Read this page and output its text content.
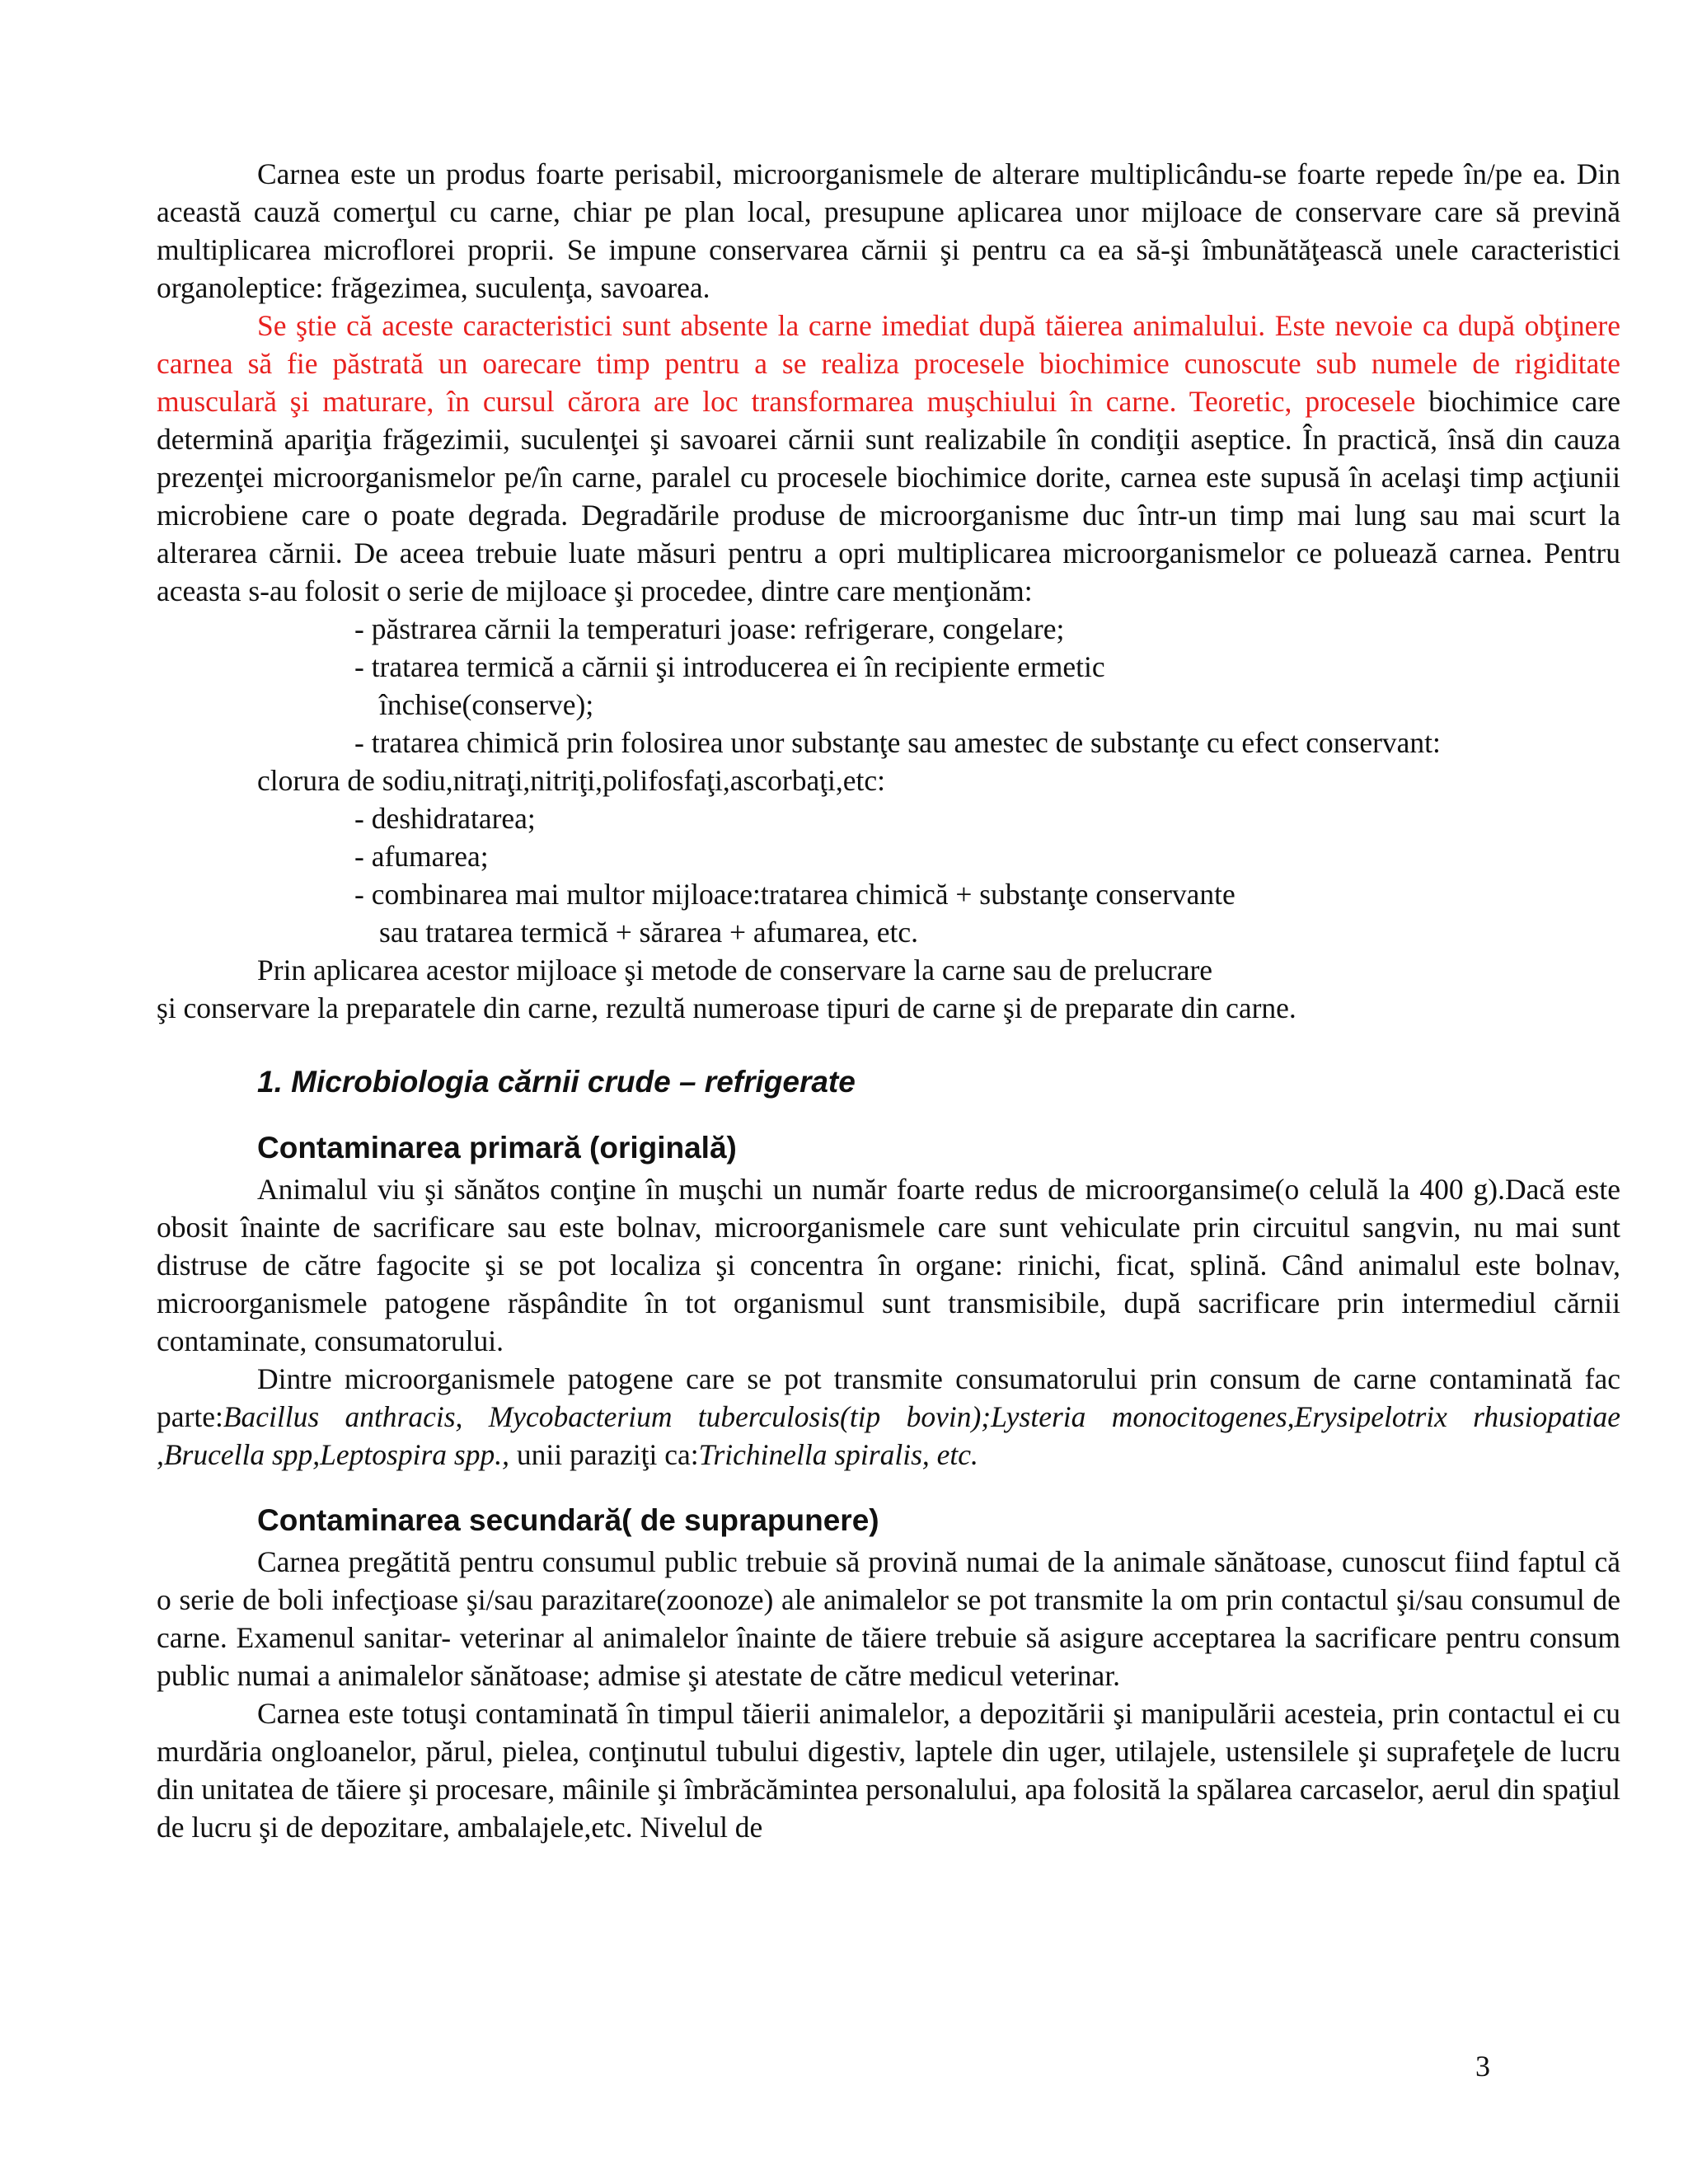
Carnea este un produs foarte perisabil, microorganismele de alterare multiplicându-se foarte repede în/pe ea. Din această cauză comerţul cu carne, chiar pe plan local, presupune aplicarea unor mijloace de conservare care să prevină multiplicarea microflorei proprii. Se impune conservarea cărnii şi pentru ca ea să-şi îmbunătăţească unele caracteristici organoleptice: frăgezimea, suculenţa, savoarea.

Se ştie că aceste caracteristici sunt absente la carne imediat după tăierea animalului. Este nevoie ca după obţinere carnea să fie păstrată un oarecare timp pentru a se realiza procesele biochimice cunoscute sub numele de rigiditate musculară şi maturare, în cursul cărora are loc transformarea muşchiului în carne. Teoretic, procesele biochimice care determină apariţia frăgezimii, suculenţei şi savoarei cărnii sunt realizabile în condiţii aseptice. În practică, însă din cauza prezenţei microorganismelor pe/în carne, paralel cu procesele biochimice dorite, carnea este supusă în acelaşi timp acţiunii microbiene care o poate degrada. Degradările produse de microorganisme duc într-un timp mai lung sau mai scurt la alterarea cărnii. De aceea trebuie luate măsuri pentru a opri multiplicarea microorganismelor ce poluează carnea. Pentru aceasta s-au folosit o serie de mijloace şi procedee, dintre care menţionăm:

- păstrarea cărnii la temperaturi joase: refrigerare, congelare;

- tratarea termică a cărnii şi introducerea ei în recipiente ermetic

închise(conserve);

- tratarea chimică prin folosirea unor substanţe sau amestec de substanţe cu efect conservant:

clorura de sodiu,nitraţi,nitriţi,polifosfaţi,ascorbaţi,etc:

- deshidratarea;

- afumarea;

- combinarea mai multor mijloace:tratarea chimică + substanţe conservante

sau tratarea termică + sărarea + afumarea, etc.

Prin aplicarea acestor mijloace şi metode de conservare la carne sau de prelucrare

şi conservare la preparatele din carne, rezultă numeroase tipuri de carne şi de preparate din carne.

1. Microbiologia cărnii crude – refrigerate
Contaminarea primară (originală)

Animalul viu şi sănătos conţine în muşchi un număr foarte redus de microorgansime(o celulă la 400 g).Dacă este obosit înainte de sacrificare sau este bolnav, microorganismele care sunt vehiculate prin circuitul sangvin, nu mai sunt distruse de către fagocite şi se pot localiza şi concentra în organe: rinichi, ficat, splină. Când animalul este bolnav, microorganismele patogene răspândite în tot organismul sunt transmisibile, după sacrificare prin intermediul cărnii contaminate, consumatorului.

Dintre microorganismele patogene care se pot transmite consumatorului prin consum de carne contaminată fac parte:Bacillus anthracis, Mycobacterium tuberculosis(tip bovin);Lysteria monocitogenes,Erysipelotrix rhusiopatiae ,Brucella spp,Leptospira spp., unii paraziţi ca:Trichinella spiralis, etc.

Contaminarea secundară( de suprapunere)

Carnea pregătită pentru consumul public trebuie să provină numai de la animale sănătoase, cunoscut fiind faptul că o serie de boli infecţioase şi/sau parazitare(zoonoze) ale animalelor se pot transmite la om prin contactul şi/sau consumul de carne. Examenul sanitar- veterinar al animalelor înainte de tăiere trebuie să asigure acceptarea la sacrificare pentru consum public numai a animalelor sănătoase; admise şi atestate de către medicul veterinar.

Carnea este totuşi contaminată în timpul tăierii animalelor, a depozitării şi manipulării acesteia, prin contactul ei cu murdăria ongloanelor, părul, pielea, conţinutul tubului digestiv, laptele din uger, utilajele, ustensilele şi suprafeţele de lucru din unitatea de tăiere şi procesare, mâinile şi îmbrăcămintea personalului, apa folosită la spălarea carcaselor, aerul din spaţiul de lucru şi de depozitare, ambalajele,etc. Nivelul de

3
